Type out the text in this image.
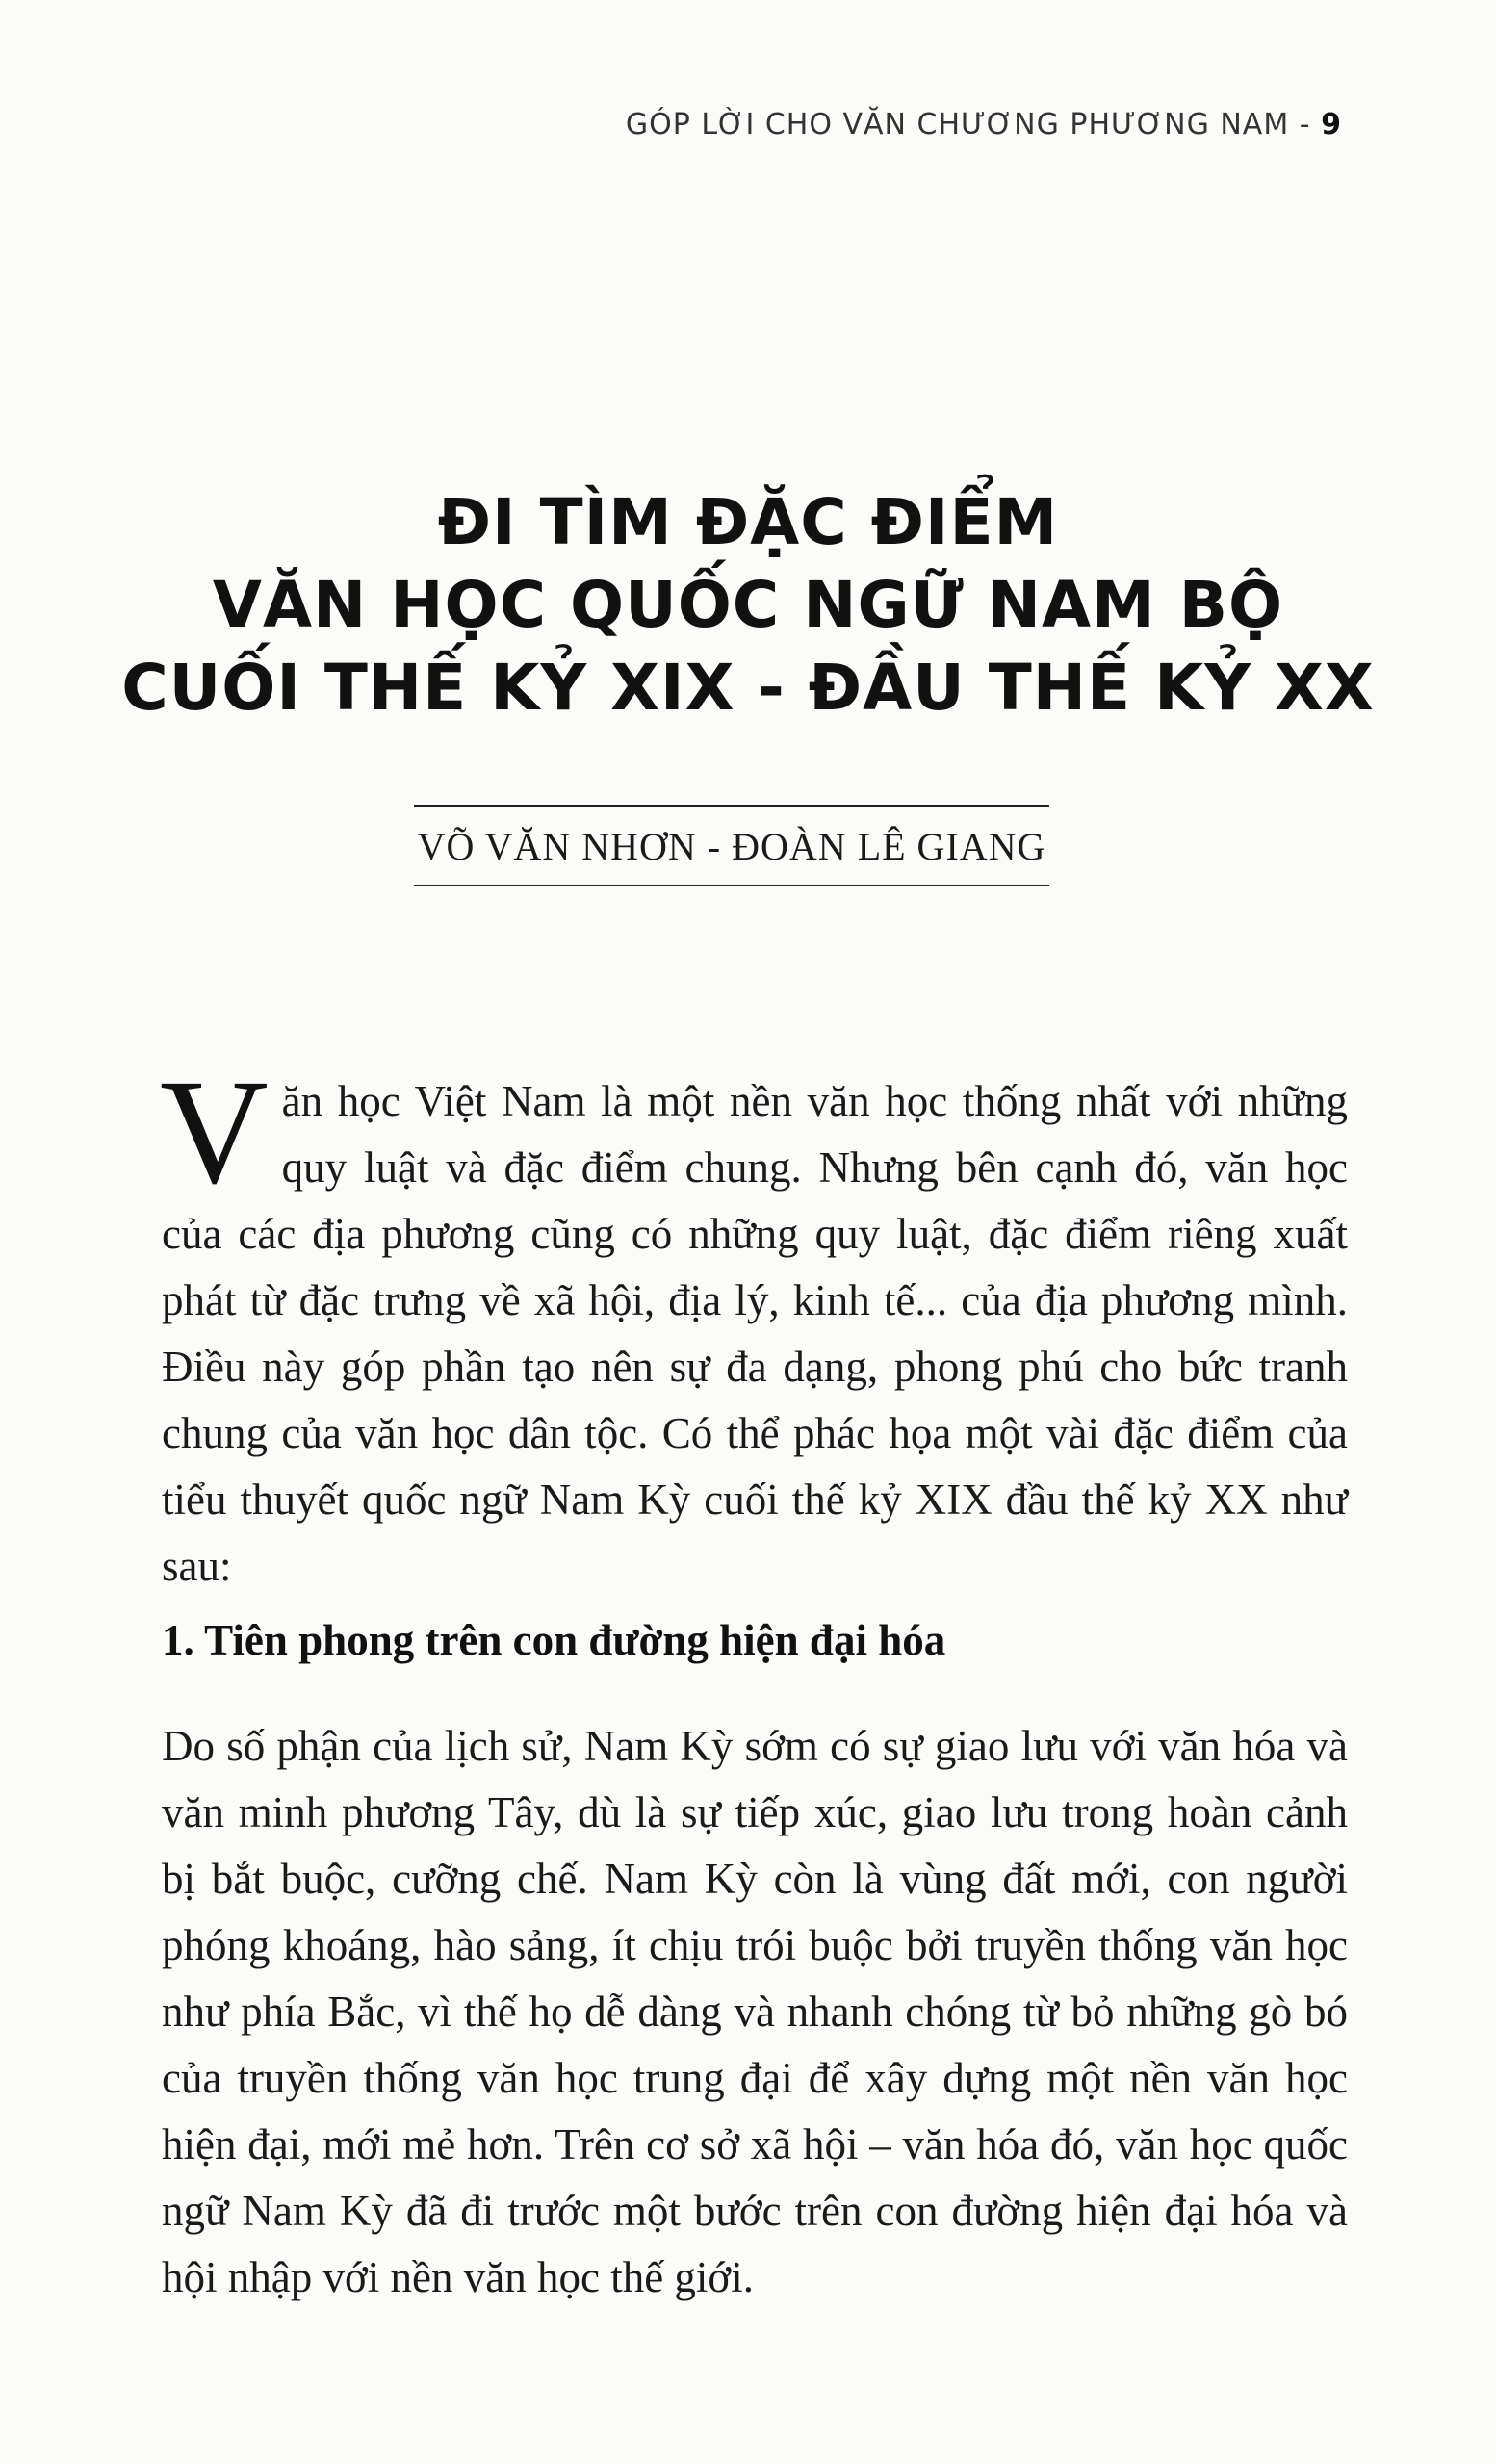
GÓP LỜI CHO VĂN CHƯƠNG PHƯƠNG NAM - 9
ĐI TÌM ĐẶC ĐIỂM
VĂN HỌC QUỐC NGỮ NAM BỘ
CUỐI THẾ KỶ XIX - ĐẦU THẾ KỶ XX
VÕ VĂN NHƠN - ĐOÀN LÊ GIANG
Văn học Việt Nam là một nền văn học thống nhất với những quy luật và đặc điểm chung. Nhưng bên cạnh đó, văn học của các địa phương cũng có những quy luật, đặc điểm riêng xuất phát từ đặc trưng về xã hội, địa lý, kinh tế... của địa phương mình. Điều này góp phần tạo nên sự đa dạng, phong phú cho bức tranh chung của văn học dân tộc. Có thể phác họa một vài đặc điểm của tiểu thuyết quốc ngữ Nam Kỳ cuối thế kỷ XIX đầu thế kỷ XX như sau:
1. Tiên phong trên con đường hiện đại hóa
Do số phận của lịch sử, Nam Kỳ sớm có sự giao lưu với văn hóa và văn minh phương Tây, dù là sự tiếp xúc, giao lưu trong hoàn cảnh bị bắt buộc, cưỡng chế. Nam Kỳ còn là vùng đất mới, con người phóng khoáng, hào sảng, ít chịu trói buộc bởi truyền thống văn học như phía Bắc, vì thế họ dễ dàng và nhanh chóng từ bỏ những gò bó của truyền thống văn học trung đại để xây dựng một nền văn học hiện đại, mới mẻ hơn. Trên cơ sở xã hội – văn hóa đó, văn học quốc ngữ Nam Kỳ đã đi trước một bước trên con đường hiện đại hóa và hội nhập với nền văn học thế giới.
